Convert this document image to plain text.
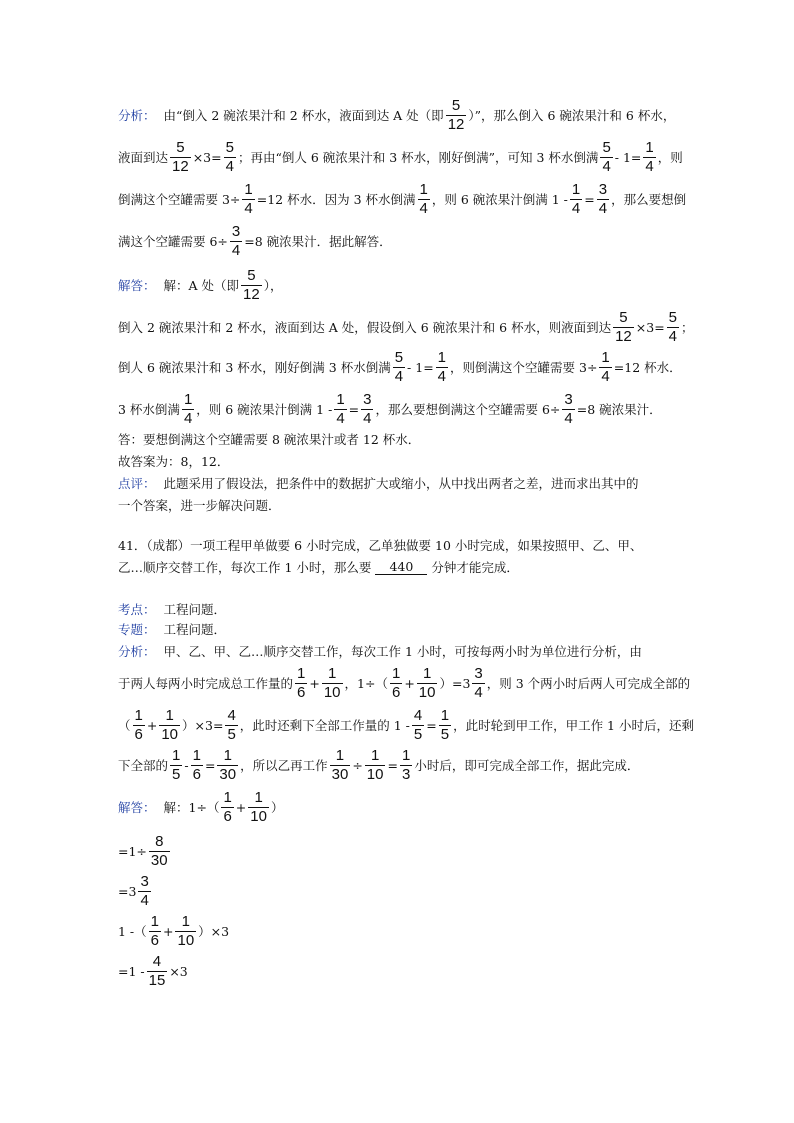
分析： 由“倒入 2 碗浓果汁和 2 杯水，液面到达 A 处（即 $\frac{5}{12}$ ）”，那么倒入 6 碗浓果汁和 6 杯水，
液面到达 $\frac{5}{12} \times 3= \frac{5}{4}$ ；再由“倒人 6 碗浓果汁和 3 杯水，刚好倒满”，可知 3 杯水倒满 $\frac{5}{4} - 1= \frac{1}{4}$ ，则
倒满这个空罐需要 $3\div \frac{1}{4} =12$ 杯水．因为 3 杯水倒满 $\frac{1}{4}$ ，则 6 碗浓果汁倒满 $1 - \frac{1}{4} = \frac{3}{4}$ ，那么要想倒
满这个空罐需要 $6\div \frac{3}{4} =8$ 碗浓果汁．据此解答．
解答： 解：A 处（即 $\frac{5}{12}$ ），
倒入 2 碗浓果汁和 2 杯水，液面到达 A 处，假设倒入 6 碗浓果汁和 6 杯水，则液面到达 $\frac{5}{12} \times 3= \frac{5}{4}$ ；
倒人 6 碗浓果汁和 3 杯水，刚好倒满 3 杯水倒满 $\frac{5}{4} - 1= \frac{1}{4}$ ，则倒满这个空罐需要 $3\div \frac{1}{4} =12$ 杯水．
3 杯水倒满 $\frac{1}{4}$ ，则 6 碗浓果汁倒满 $1 - \frac{1}{4} = \frac{3}{4}$ ，那么要想倒满这个空罐需要 $6\div \frac{3}{4} =8$ 碗浓果汁．
答：要想倒满这个空罐需要 8 碗浓果汁或者 12 杯水．
故答案为：8，12．
点评： 此题采用了假设法，把条件中的数据扩大或缩小，从中找出两者之差，进而求出其中的
一个答案，进一步解决问题．
41．（成都）一项工程甲单做要 6 小时完成，乙单独做要 10 小时完成，如果按照甲、乙、甲、
乙…顺序交替工作，每次工作 1 小时，那么要	440	分钟才能完成．
考点： 工程问题．
专题： 工程问题．
分析： 甲、乙、甲、乙…顺序交替工作，每次工作 1 小时，可按每两小时为单位进行分析，由
于两人每两小时完成总工作量的 $\frac{1}{6} + \frac{1}{10}$ ，$1\div( \frac{1}{6} + \frac{1}{10} )=3 \frac{3}{4}$ ，则 3 个两小时后两人可完成全部的
（ $\frac{1}{6} + \frac{1}{10} )\times 3= \frac{4}{5}$ ，此时还剩下全部工作量的 $1 - \frac{4}{5} = \frac{1}{5}$ ，此时轮到甲工作，甲工作 1 小时后，还剩
下全部的 $\frac{1}{5} - \frac{1}{6} = \frac{1}{30}$ ，所以乙再工作 $\frac{1}{30} \div \frac{1}{10} = \frac{1}{3}$ 小时后，即可完成全部工作，据此完成．
解答： 解：$1\div( \frac{1}{6} + \frac{1}{10}$ ）
$=1\div \frac{8}{30}$
$=3 \frac{3}{4}$
1 -（ $\frac{1}{6} + \frac{1}{10} )\times 3$
$=1 - \frac{4}{15} \times 3$
